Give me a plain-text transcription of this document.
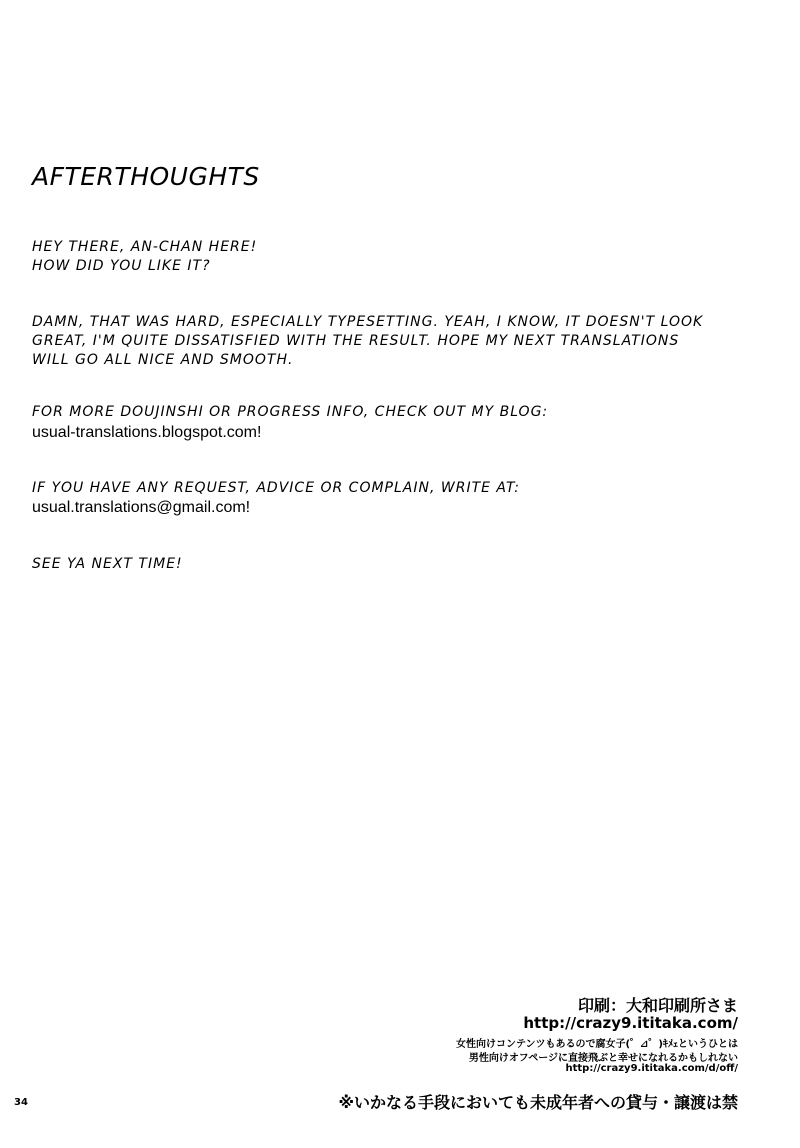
AFTERTHOUGHTS
HEY THERE, AN-CHAN HERE!
HOW DID YOU LIKE IT?
DAMN, THAT WAS HARD, ESPECIALLY TYPESETTING. YEAH, I KNOW, IT DOESN'T LOOK
GREAT, I'M QUITE DISSATISFIED WITH THE RESULT. HOPE MY NEXT TRANSLATIONS
WILL GO ALL NICE AND SMOOTH.
FOR MORE DOUJINSHI OR PROGRESS INFO, CHECK OUT MY BLOG:
usual-translations.blogspot.com!
IF YOU HAVE ANY REQUEST, ADVICE OR COMPLAIN, WRITE AT:
usual.translations@gmail.com!
SEE YA NEXT TIME!
印刷：大和印刷所さま
http://crazy9.ititaka.com/
女性向けコンテンツもあるので腐女子(゜⊿゜)ｷﾒｪというひとは
男性向けオフページに直接飛ぶと幸せになれるかもしれない
http://crazy9.ititaka.com/d/off/
※いかなる手段においても未成年者への貸与・譲渡は禁
34
